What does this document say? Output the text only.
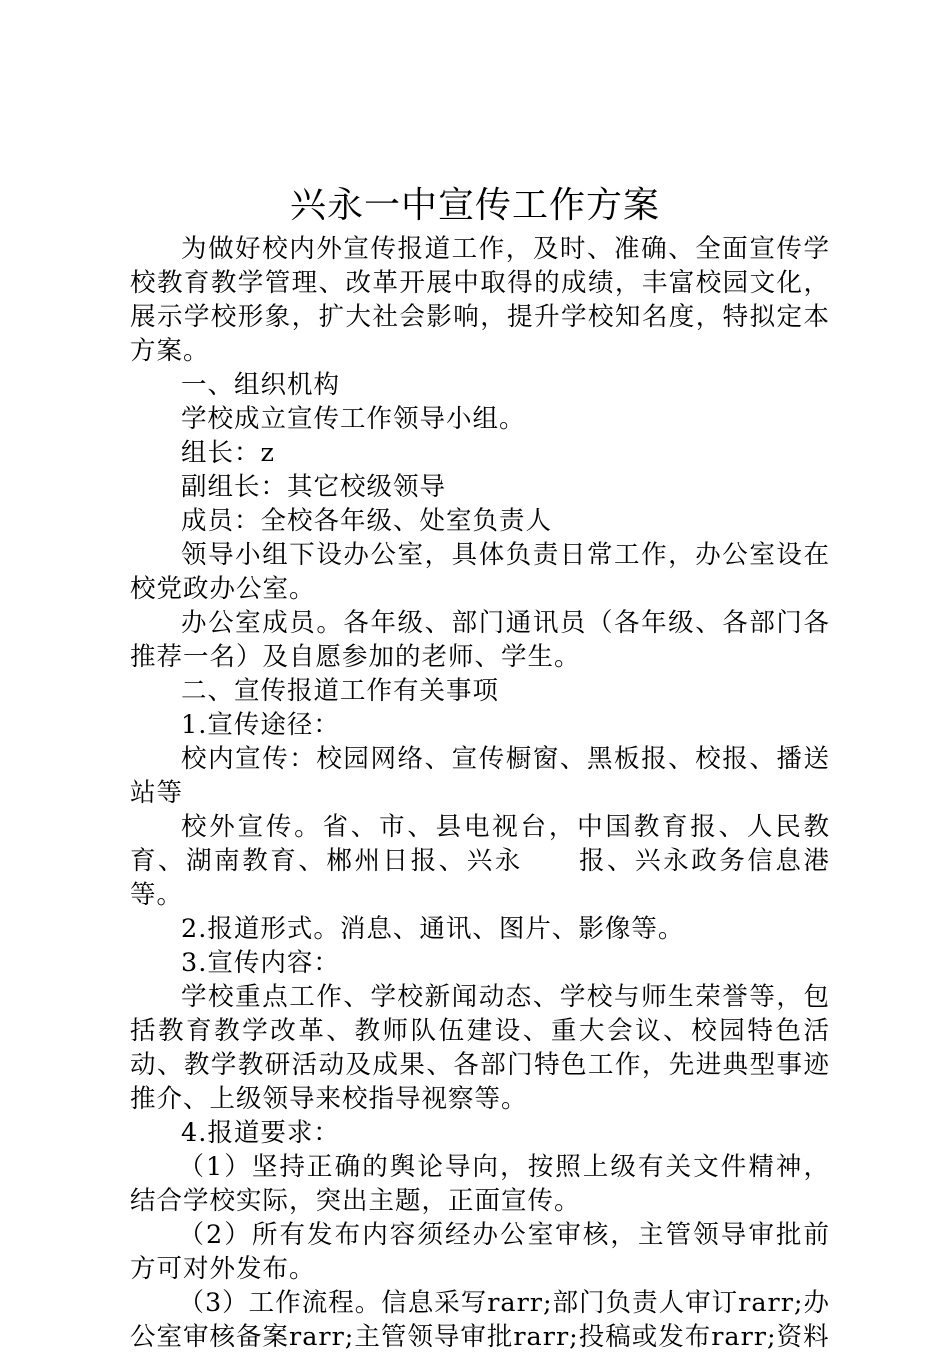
兴永一中宣传工作方案

为做好校内外宣传报道工作，及时、准确、全面宣传学校教育教学管理、改革开展中取得的成绩，丰富校园文化，展示学校形象，扩大社会影响，提升学校知名度，特拟定本方案。

一、组织机构

学校成立宣传工作领导小组。

组长：z

副组长：其它校级领导

成员：全校各年级、处室负责人

领导小组下设办公室，具体负责日常工作，办公室设在校党政办公室。

办公室成员。各年级、部门通讯员（各年级、各部门各推荐一名）及自愿参加的老师、学生。

二、宣传报道工作有关事项

1.宣传途径：

校内宣传：校园网络、宣传橱窗、黑板报、校报、播送站等

校外宣传。省、市、县电视台，中国教育报、人民教育、湖南教育、郴州日报、兴永　　报、兴永政务信息港等。

2.报道形式。消息、通讯、图片、影像等。

3.宣传内容：

学校重点工作、学校新闻动态、学校与师生荣誉等，包括教育教学改革、教师队伍建设、重大会议、校园特色活动、教学教研活动及成果、各部门特色工作，先进典型事迹推介、上级领导来校指导视察等。

4.报道要求：

（1）坚持正确的舆论导向，按照上级有关文件精神，结合学校实际，突出主题，正面宣传。

（2）所有发布内容须经办公室审核，主管领导审批前方可对外发布。

（3）工作流程。信息采写rarr;部门负责人审订rarr;办公室审核备案rarr;主管领导审批rarr;投稿或发布rarr;资料
